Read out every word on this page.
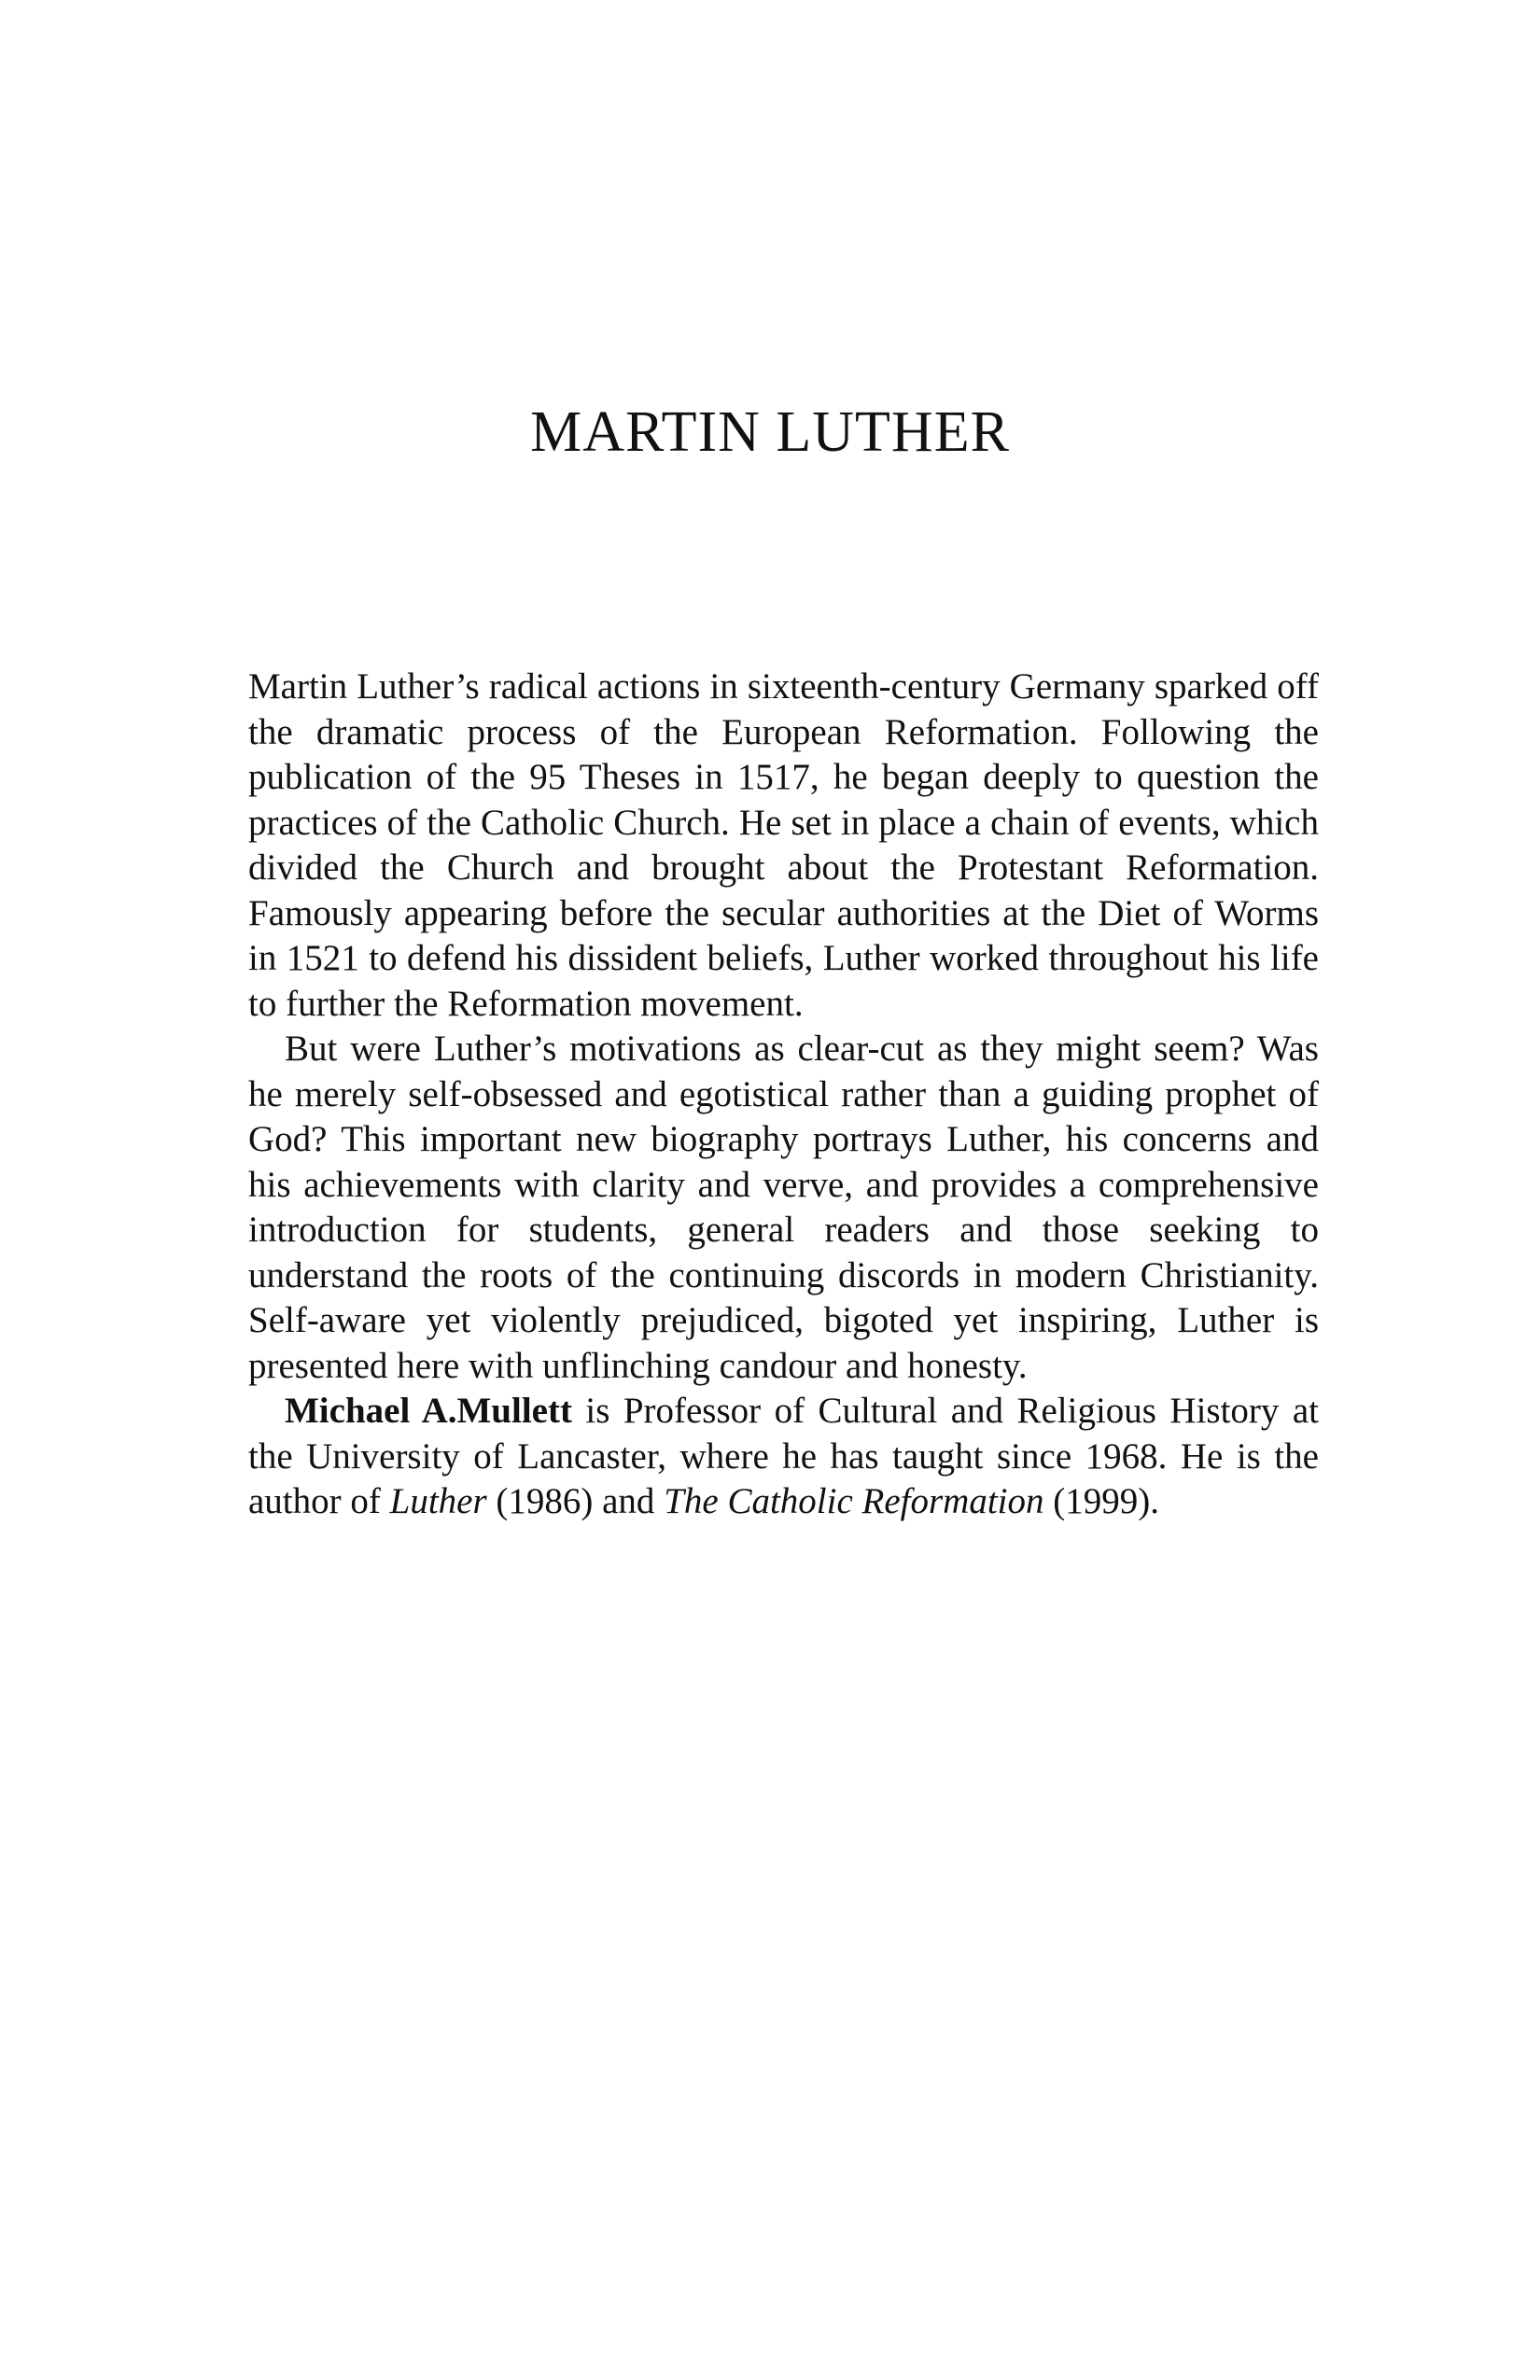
MARTIN LUTHER

Martin Luther’s radical actions in sixteenth-century Germany sparked off the dramatic process of the European Reformation. Following the publication of the 95 Theses in 1517, he began deeply to question the practices of the Catholic Church. He set in place a chain of events, which divided the Church and brought about the Protestant Reformation. Famously appearing before the secular authorities at the Diet of Worms in 1521 to defend his dissident beliefs, Luther worked throughout his life to further the Reformation movement.

But were Luther’s motivations as clear-cut as they might seem? Was he merely self-obsessed and egotistical rather than a guiding prophet of God? This important new biography portrays Luther, his concerns and his achievements with clarity and verve, and provides a comprehensive introduction for students, general readers and those seeking to understand the roots of the continuing discords in modern Christianity. Self-aware yet violently prejudiced, bigoted yet inspiring, Luther is presented here with unflinching candour and honesty.

Michael A.Mullett is Professor of Cultural and Religious History at the University of Lancaster, where he has taught since 1968. He is the author of Luther (1986) and The Catholic Reformation (1999).
